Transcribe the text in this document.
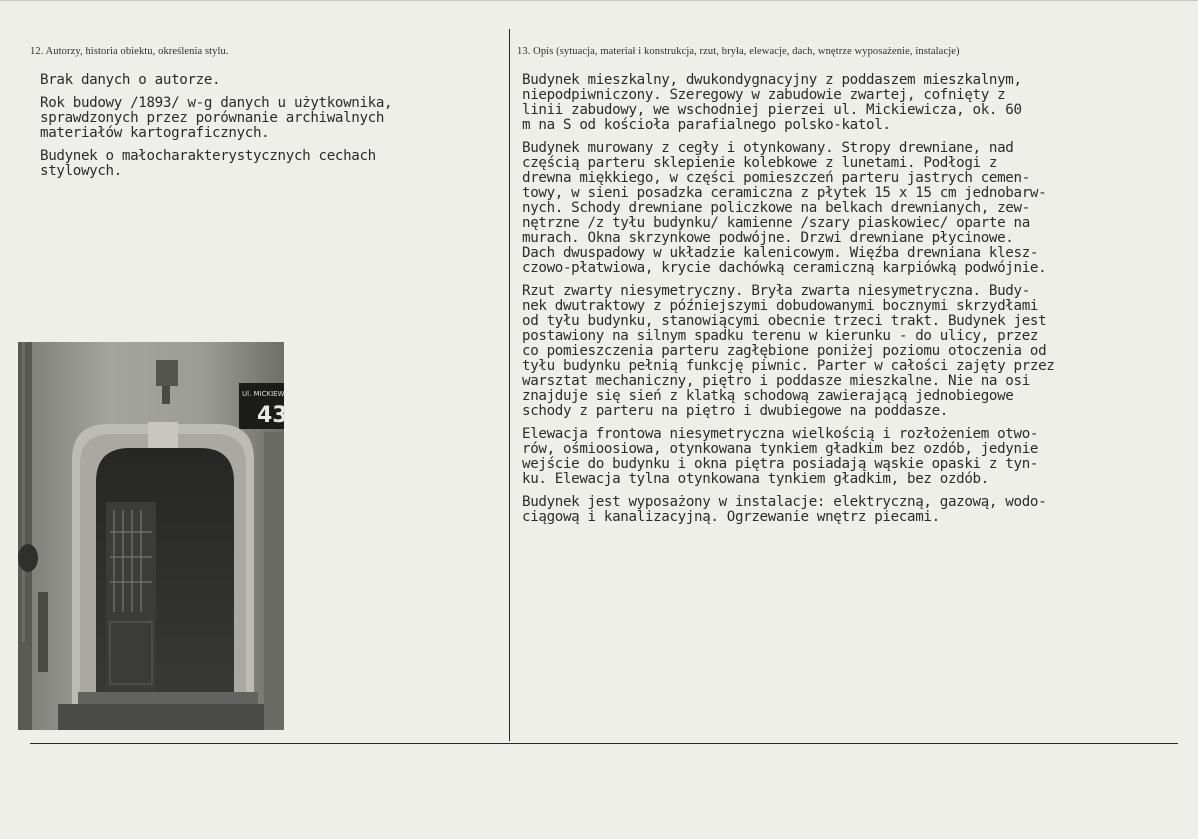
12. Autorzy, historia obiektu, określenia stylu.	13. Opis (sytuacja, materiał i konstrukcja, rzut, bryła, elewacje, dach, wnętrze wyposażenie, instalacje)

Brak danych o autorze.

Rok budowy /1893/ w-g danych u użytkownika,
sprawdzonych przez porównanie archiwalnych
materiałów kartograficznych.

Budynek o małocharakterystycznych cechach
stylowych.

Budynek mieszkalny, dwukondygnacyjny z poddaszem mieszkalnym,
niepodpiwniczony. Szeregowy w zabudowie zwartej, cofnięty z
linii zabudowy, we wschodniej pierzei ul. Mickiewicza, ok. 60
m na S od kościoła parafialnego polsko-katol.

Budynek murowany z cegły i otynkowany. Stropy drewniane, nad
częścią parteru sklepienie kolebkowe z lunetami. Podłogi z
drewna miękkiego, w części pomieszczeń parteru jastrych cemen-
towy, w sieni posadzka ceramiczna z płytek 15 x 15 cm jednobarw-
nych. Schody drewniane policzkowe na belkach drewnianych, zew-
nętrzne /z tyłu budynku/ kamienne /szary piaskowiec/ oparte na
murach. Okna skrzynkowe podwójne. Drzwi drewniane płycinowe.
Dach dwuspadowy w układzie kalenicowym. Więźba drewniana klesz-
czowo-płatwiowa, krycie dachówką ceramiczną karpiówką podwójnie.

Rzut zwarty niesymetryczny. Bryła zwarta niesymetryczna. Budy-
nek dwutraktowy z późniejszymi dobudowanymi bocznymi skrzydłami
od tyłu budynku, stanowiącymi obecnie trzeci trakt. Budynek jest
postawiony na silnym spadku terenu w kierunku - do ulicy, przez
co pomieszczenia parteru zagłębione poniżej poziomu otoczenia od
tyłu budynku pełnią funkcję piwnic. Parter w całości zajęty przez
warsztat mechaniczny, piętro i poddasze mieszkalne. Nie na osi
znajduje się sień z klatką schodową zawierającą jednobiegowe
schody z parteru na piętro i dwubiegowe na poddasze.

Elewacja frontowa niesymetryczna wielkością i rozłożeniem otwo-
rów, ośmioosiowa, otynkowana tynkiem gładkim bez ozdób, jedynie
wejście do budynku i okna piętra posiadają wąskie opaski z tyn-
ku. Elewacja tylna otynkowana tynkiem gładkim, bez ozdób.

Budynek jest wyposażony w instalacje: elektryczną, gazową, wodo-
ciągową i kanalizacyjną. Ogrzewanie wnętrz piecami.

Ul. MICKIEWI
43
